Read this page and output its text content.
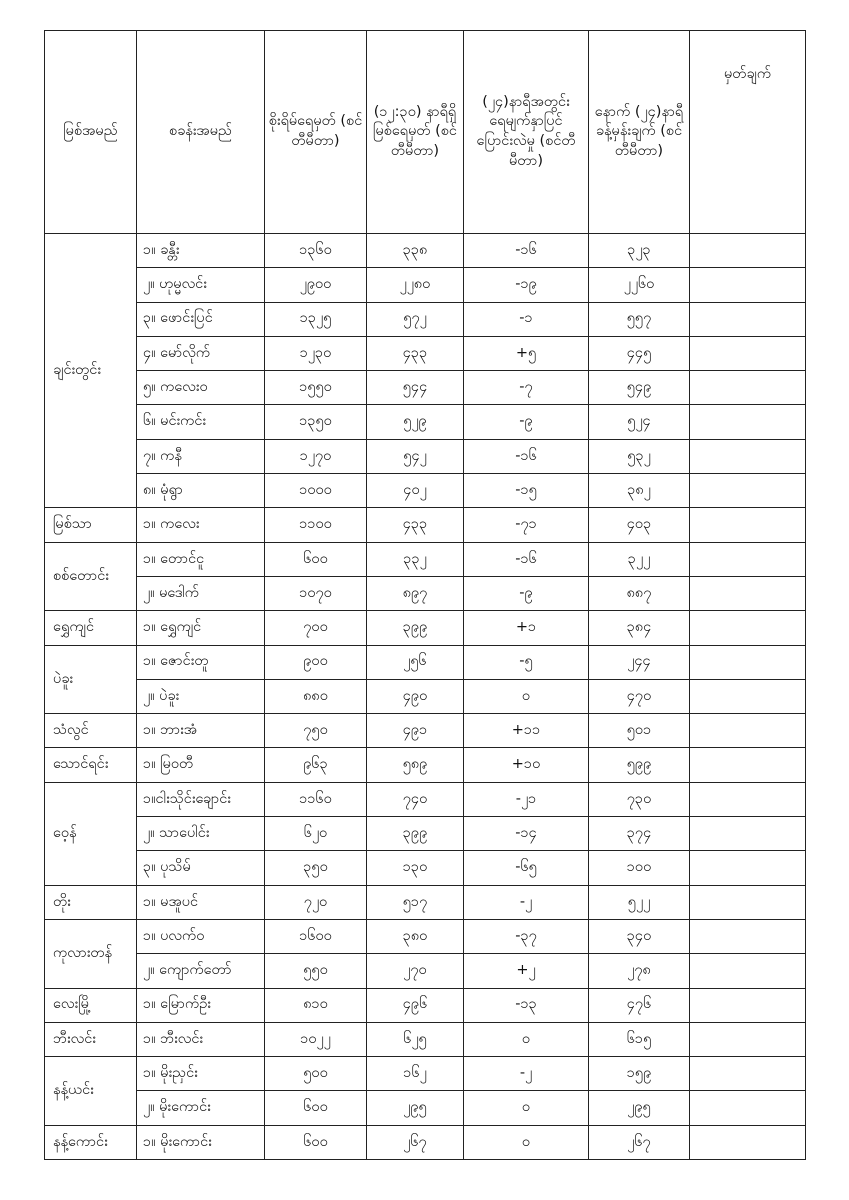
မြစ်အမည်	စခန်းအမည်	စိုးရိမ်ရေမှတ် (စင်တီမီတာ)	(၁၂:၃၀) နာရီရှိ မြစ်ရေမှတ် (စင်တီမီတာ)	(၂၄)နာရီအတွင်း ရေမျက်နှာပြင် ပြောင်းလဲမှု (စင်တီမီတာ)	နောက် (၂၄)နာရီ ခန့်မှန်းချက် (စင်တီမီတာ)	မှတ်ချက်
ချင်းတွင်း	၁။ ခန္တီး	၁၃၆၀	၃၃၈	-၁၆	၃၂၃	
	၂။ ဟုမ္မလင်း	၂၉၀၀	၂၂၈၀	-၁၉	၂၂၆၀	
	၃။ ဖောင်းပြင်	၁၃၂၅	၅၇၂	-၁	၅၅၇	
	၄။ မော်လိုက်	၁၂၃၀	၄၃၃	+၅	၄၄၅	
	၅။ ကလေးဝ	၁၅၅၀	၅၄၄	-၇	၅၄၉	
	၆။ မင်းကင်း	၁၃၅၀	၅၂၉	-၉	၅၂၄	
	၇။ ကနီ	၁၂၇၀	၅၄၂	-၁၆	၅၃၂	
	၈။ မုံရွာ	၁၀၀၀	၄၀၂	-၁၅	၃၈၂	
မြစ်သာ	၁။ ကလေး	၁၁၀၀	၄၃၃	-၇၁	၄၀၃	
စစ်တောင်း	၁။ တောင်ငူ	၆၀၀	၃၃၂	-၁၆	၃၂၂	
	၂။ မဒေါက်	၁၀၇၀	၈၉၇	-၉	၈၈၇	
ရွှေကျင်	၁။ ရွှေကျင်	၇၀၀	၃၉၉	+၁	၃၈၄	
ပဲခူး	၁။ ဇောင်းတူ	၉၀၀	၂၅၆	-၅	၂၄၄	
	၂။ ပဲခူး	၈၈၀	၄၉၀	၀	၄၇၀	
သံလွင်	၁။ ဘားအံ	၇၅၀	၄၉၁	+၁၁	၅၀၁	
သောင်ရင်း	၁။ မြဝတီ	၉၆၃	၅၈၉	+၁၀	၅၉၉	
ဝေ့န်	၁။ငါးသိုင်းချောင်း	၁၁၆၀	၇၄၀	-၂၁	၇၃၀	
	၂။ သာပေါင်း	၆၂၀	၃၉၉	-၁၄	၃၇၄	
	၃။ ပုသိမ်	၃၅၀	၁၃၀	-၆၅	၁၀၀	
တိုး	၁။ မအူပင်	၇၂၀	၅၁၇	-၂	၅၂၂	
ကုလားတန်	၁။ ပလက်ဝ	၁၆၀၀	၃၈၀	-၃၇	၃၄၀	
	၂။ ကျောက်တော်	၅၅၀	၂၇၀	+၂	၂၇၈	
လေးမြို့	၁။ မြောက်ဦး	၈၁၀	၄၉၆	-၁၃	၄၇၆	
ဘီးလင်း	၁။ ဘီးလင်း	၁၀၂၂	၆၂၅	၀	၆၁၅	
နန့်ယင်း	၁။ မိုးညှင်း	၅၀၀	၁၆၂	-၂	၁၅၉	
	၂။ မိုးကောင်း	၆၀၀	၂၉၅	၀	၂၉၅	
နန့်ကောင်း	၁။ မိုးကောင်း	၆၀၀	၂၆၇	၀	၂၆၇	
